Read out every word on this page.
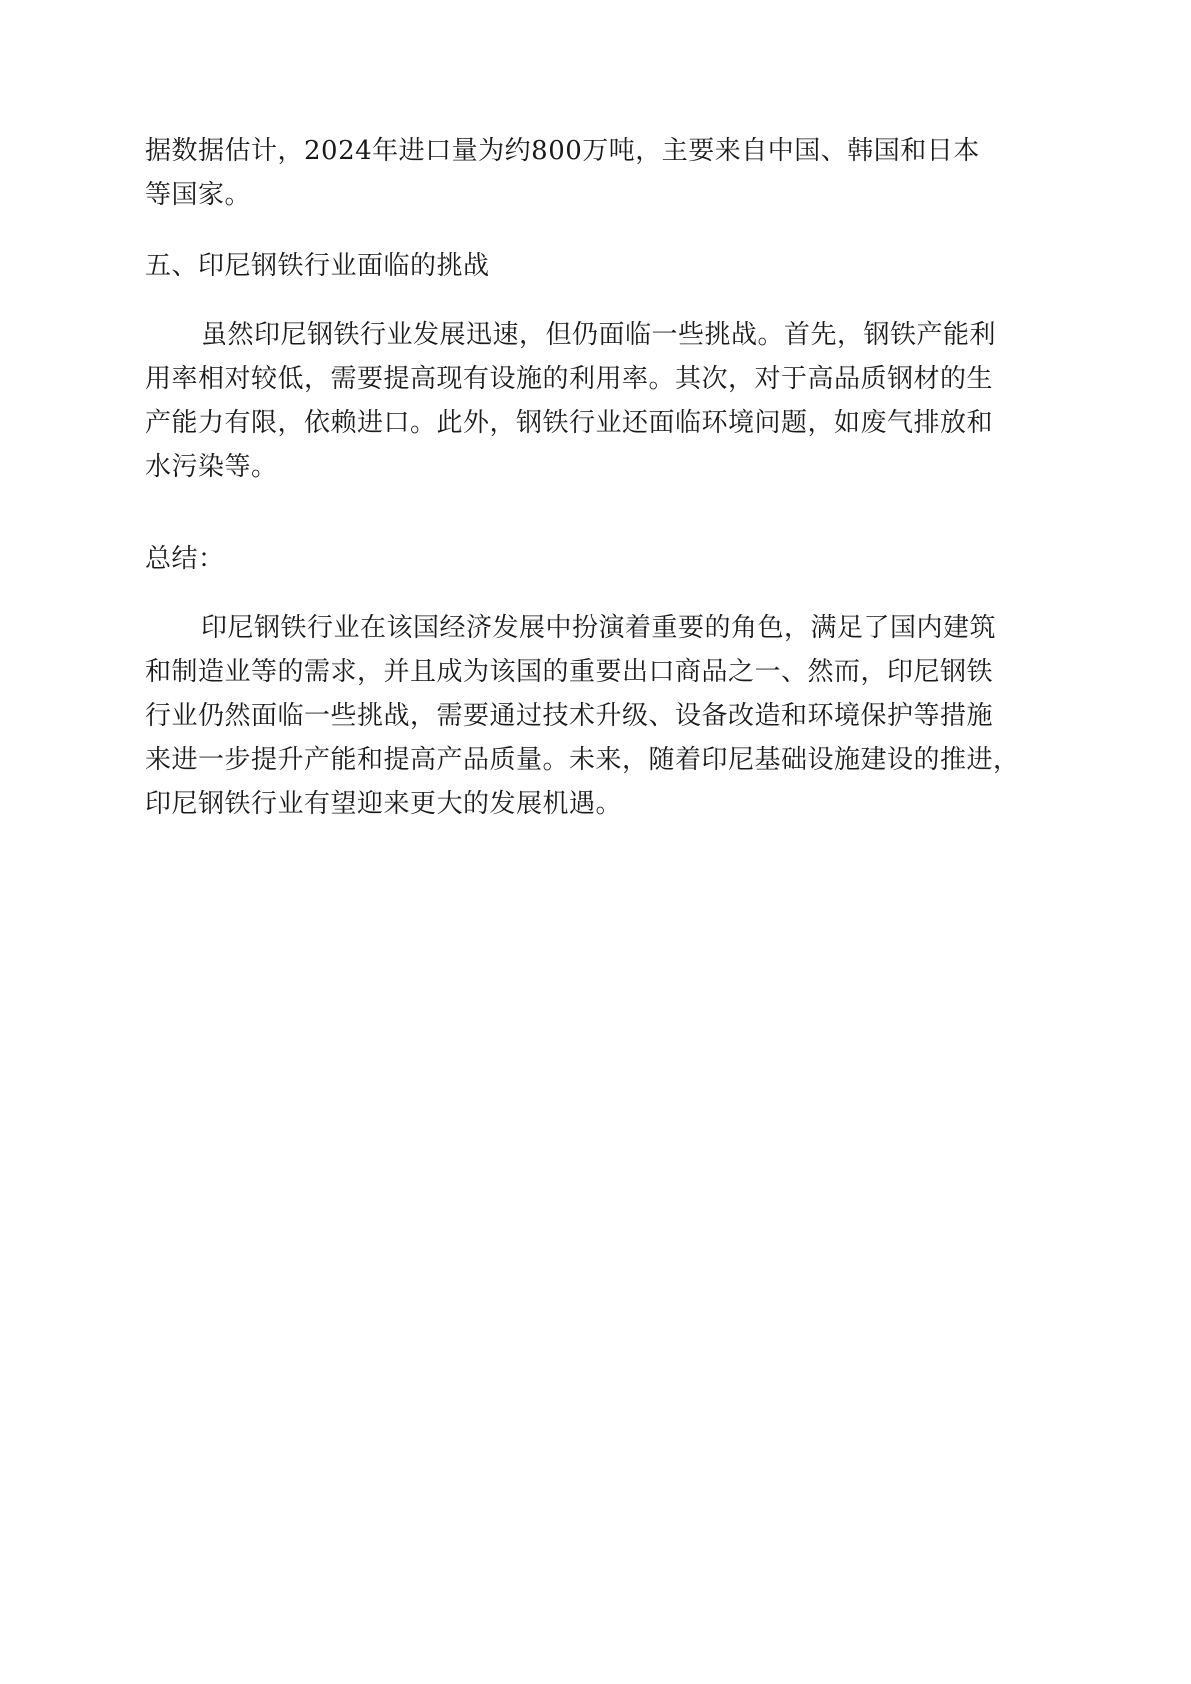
据数据估计，2024年进口量为约800万吨，主要来自中国、韩国和日本
等国家。
五、印尼钢铁行业面临的挑战
虽然印尼钢铁行业发展迅速，但仍面临一些挑战。首先，钢铁产能利
用率相对较低，需要提高现有设施的利用率。其次，对于高品质钢材的生
产能力有限，依赖进口。此外，钢铁行业还面临环境问题，如废气排放和
水污染等。
总结：
印尼钢铁行业在该国经济发展中扮演着重要的角色，满足了国内建筑
和制造业等的需求，并且成为该国的重要出口商品之一、然而，印尼钢铁
行业仍然面临一些挑战，需要通过技术升级、设备改造和环境保护等措施
来进一步提升产能和提高产品质量。未来，随着印尼基础设施建设的推进，
印尼钢铁行业有望迎来更大的发展机遇。
